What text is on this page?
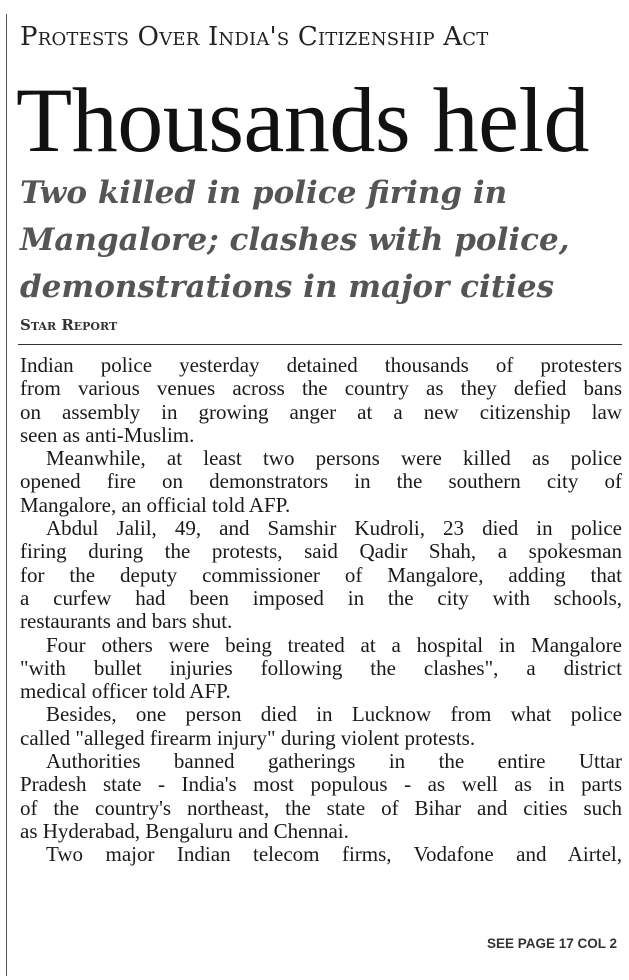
Protests Over India's Citizenship Act
Thousands held
Two killed in police firing in
Mangalore; clashes with police,
demonstrations in major cities
Star Report
Indian police yesterday detained thousands of protesters
from various venues across the country as they defied bans
on assembly in growing anger at a new citizenship law
seen as anti-Muslim.
Meanwhile, at least two persons were killed as police
opened fire on demonstrators in the southern city of
Mangalore, an official told AFP.
Abdul Jalil, 49, and Samshir Kudroli, 23 died in police
firing during the protests, said Qadir Shah, a spokesman
for the deputy commissioner of Mangalore, adding that
a curfew had been imposed in the city with schools,
restaurants and bars shut.
Four others were being treated at a hospital in Mangalore
"with bullet injuries following the clashes", a district
medical officer told AFP.
Besides, one person died in Lucknow from what police
called "alleged firearm injury" during violent protests.
Authorities banned gatherings in the entire Uttar
Pradesh state - India's most populous - as well as in parts
of the country's northeast, the state of Bihar and cities such
as Hyderabad, Bengaluru and Chennai.
Two major Indian telecom firms, Vodafone and Airtel,
SEE PAGE 17 COL 2
